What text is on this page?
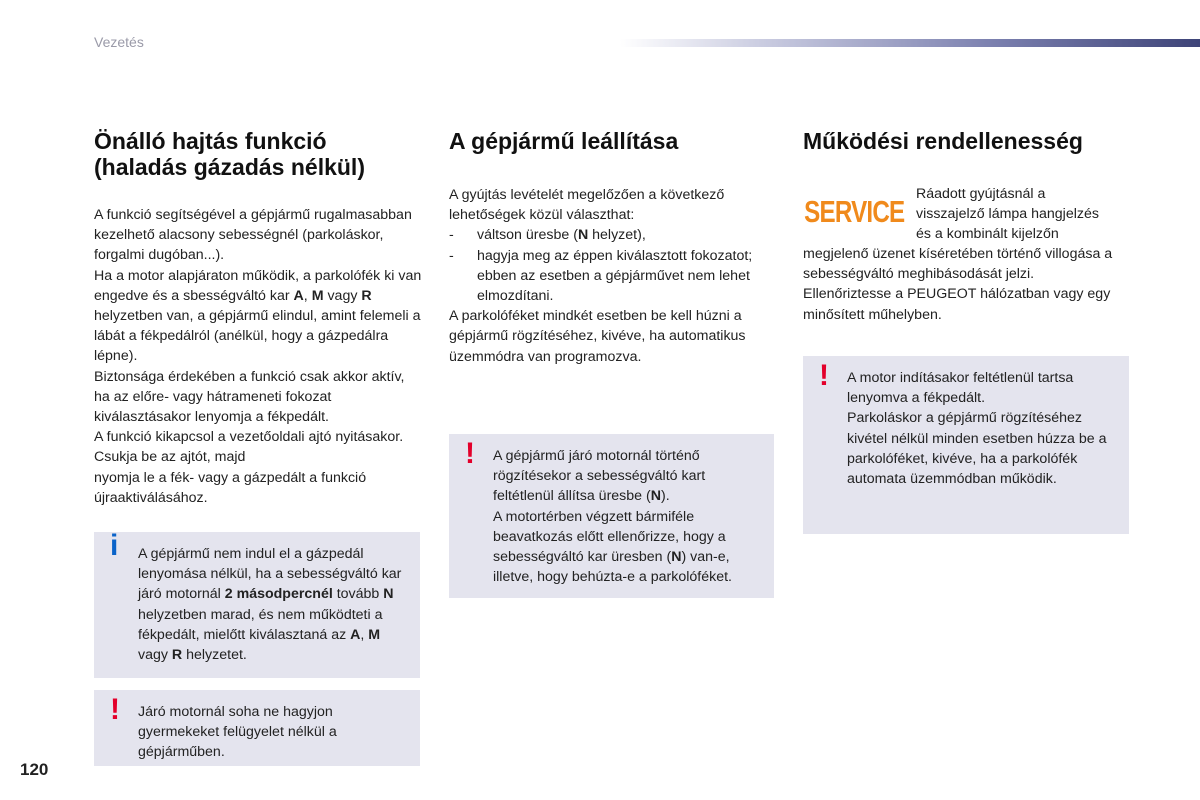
Vezetés
Önálló hajtás funkció
(haladás gázadás nélkül)

A funkció segítségével a gépjármű rugalmasabban kezelhető alacsony sebességnél (parkoláskor, forgalmi dugóban...).
Ha a motor alapjáraton működik, a parkolófék ki van engedve és a sbességváltó kar A, M vagy R helyzetben van, a gépjármű elindul, amint felemeli a lábát a fékpedálról (anélkül, hogy a gázpedálra lépne).

Biztonsága érdekében a funkció csak akkor aktív, ha az előre- vagy hátrameneti fokozat kiválasztásakor lenyomja a fékpedált.

A funkció kikapcsol a vezetőoldali ajtó nyitásakor. Csukja be az ajtót, majd
nyomja le a fék- vagy a gázpedált a funkció újraaktiválásához.

i A gépjármű nem indul el a gázpedál lenyomása nélkül, ha a sebességváltó kar járó motornál 2 másodpercnél tovább N helyzetben marad, és nem működteti a fékpedált, mielőtt kiválasztaná az A, M vagy R helyzetet.

! Járó motornál soha ne hagyjon gyermekeket felügyelet nélkül a gépjárműben.

A gépjármű leállítása

A gyújtás levételét megelőzően a következő lehetőségek közül választhat:

-	váltson üresbe (N helyzet),
-	hagyja meg az éppen kiválasztott fokozatot; ebben az esetben a gépjárművet nem lehet elmozdítani.

A parkolóféket mindkét esetben be kell húzni a gépjármű rögzítéséhez, kivéve, ha automatikus üzemmódra van programozva.

! A gépjármű járó motornál történő rögzítésekor a sebességváltó kart feltétlenül állítsa üresbe (N).

A motortérben végzett bármiféle beavatkozás előtt ellenőrizze, hogy a sebességváltó kar üresben (N) van-e, illetve, hogy behúzta-e a parkolóféket.

Működési rendellenesség
SERVICE Ráadott gyújtásnál a

visszajelző lámpa hangjelzés

és a kombinált kijelzőn

megjelenő üzenet kíséretében történő villogása a sebességváltó meghibásodását jelzi.

Ellenőriztesse a PEUGEOT hálózatban vagy egy minősített műhelyben.

! A motor indításakor feltétlenül tartsa lenyomva a fékpedált.

Parkoláskor a gépjármű rögzítéséhez kivétel nélkül minden esetben húzza be a parkolóféket, kivéve, ha a parkolófék automata üzemmódban működik.

120
